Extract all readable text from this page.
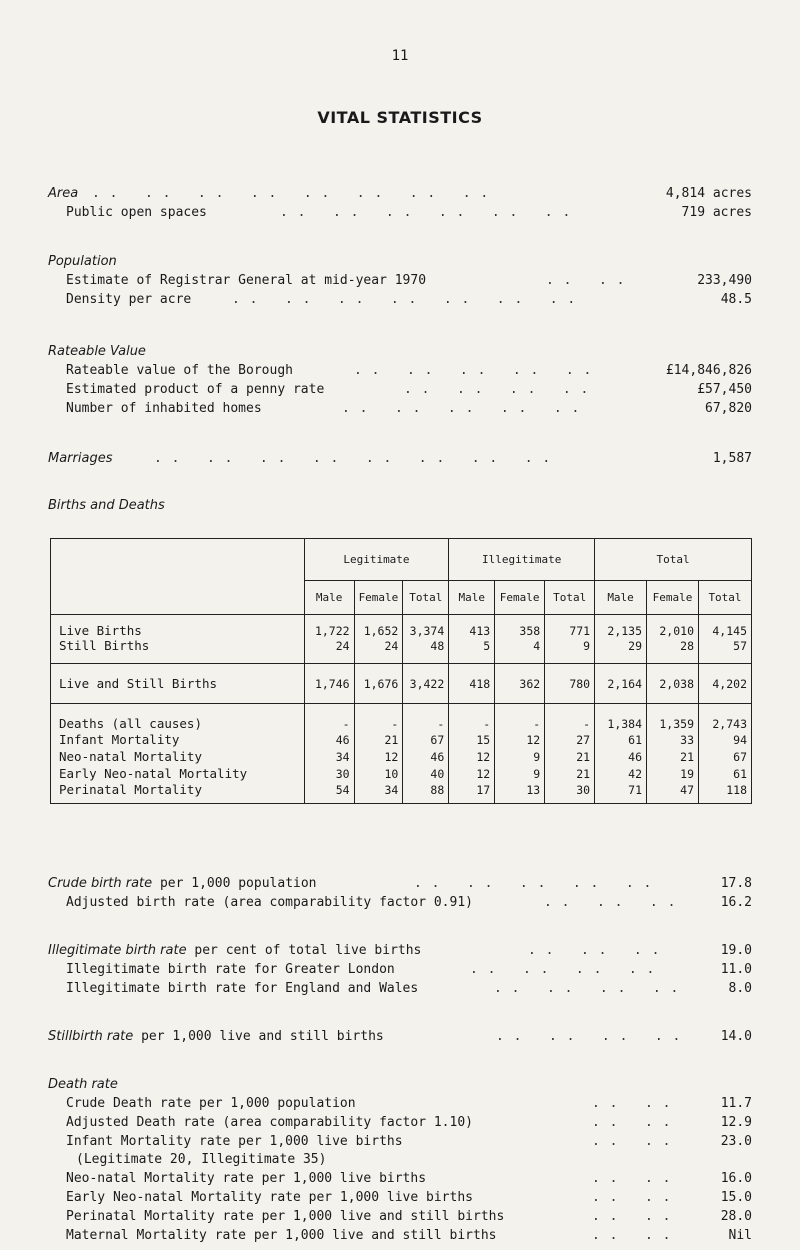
11
VITAL STATISTICS
Area . .   . .   . .   . .   . .   . .   . .   . .	4,814 acres
Public open spaces	. .   . .   . .   . .   . .   . .	719 acres
Population
Estimate of Registrar General at mid-year 1970	. .   . .	233,490
Density per acre	. .   . .   . .   . .   . .   . .   . .	48.5
Rateable Value
Rateable value of the Borough	. .   . .   . .   . .   . .	£14,846,826
Estimated product of a penny rate	. .   . .   . .   . .	£57,450
Number of inhabited homes	. .   . .   . .   . .   . .	67,820
Marriages	. .   . .   . .   . .   . .   . .   . .   . .	1,587
Births and Deaths
	Legitimate			Illegitimate			Total		
	Male	Female	Total	Male	Female	Total	Male	Female	Total
Live Births	1,722	1,652	3,374	413	358	771	2,135	2,010	4,145
Still Births	24	24	48	5	4	9	29	28	57
Live and Still Births	1,746	1,676	3,422	418	362	780	2,164	2,038	4,202
Deaths (all causes)	-	-	-	-	-	-	1,384	1,359	2,743
Infant Mortality	46	21	67	15	12	27	61	33	94
Neo-natal Mortality	34	12	46	12	9	21	46	21	67
Early Neo-natal Mortality	30	10	40	12	9	21	42	19	61
Perinatal Mortality	54	34	88	17	13	30	71	47	118
Crude birth rate per 1,000 population	. .   . .   . .   . .   . .	17.8
Adjusted birth rate (area comparability factor 0.91)	. .   . .   . .	16.2
Illegitimate birth rate per cent of total live births	. .   . .   . .	19.0
Illegitimate birth rate for Greater London	. .   . .   . .   . .	11.0
Illegitimate birth rate for England and Wales	. .   . .   . .   . .	8.0
Stillbirth rate per 1,000 live and still births	. .   . .   . .   . .	14.0
Death rate
Crude Death rate per 1,000 population	. .   . .	11.7
Adjusted Death rate (area comparability factor 1.10)	. .   . .	12.9
Infant Mortality rate per 1,000 live births	. .   . .	23.0
(Legitimate 20, Illegitimate 35)
Neo-natal Mortality rate per 1,000 live births	. .   . .	16.0
Early Neo-natal Mortality rate per 1,000 live births	. .   . .	15.0
Perinatal Mortality rate per 1,000 live and still births	. .   . .	28.0
Maternal Mortality rate per 1,000 live and still births	. .   . .	Nil
